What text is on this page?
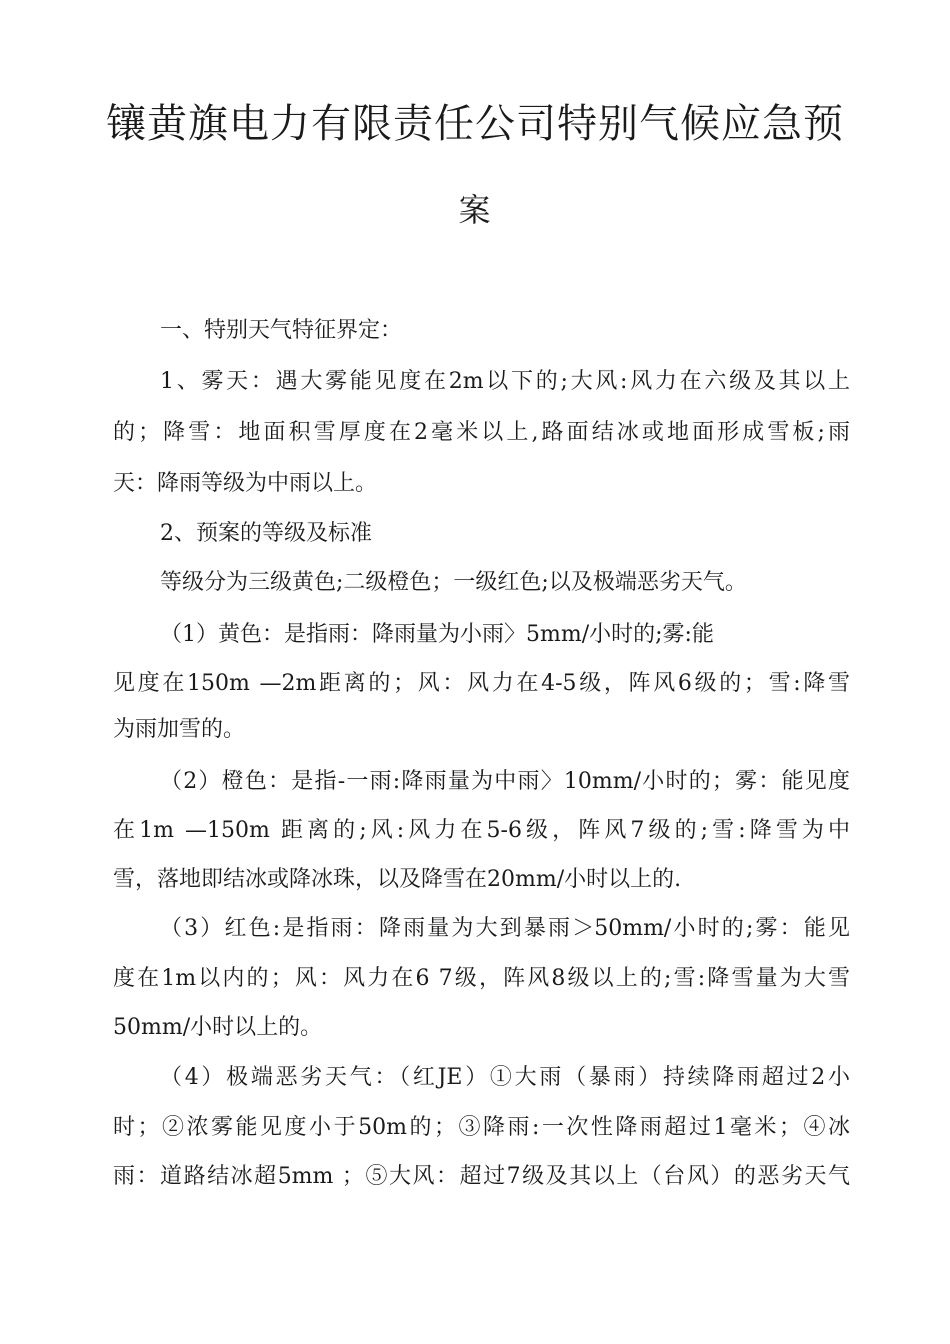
镶黄旗电力有限责任公司特别气候应急预
案
一、特别天气特征界定：
1、雾天：遇大雾能见度在2m以下的;大风:风力在六级及其以上
的；降雪：地面积雪厚度在2毫米以上,路面结冰或地面形成雪板;雨
天：降雨等级为中雨以上。
2、预案的等级及标准
等级分为三级黄色;二级橙色；一级红色;以及极端恶劣天气。
（1）黄色：是指雨：降雨量为小雨〉5mm/小时的;雾:能
见度在150m —2m距离的；风：风力在4-5级，阵风6级的；雪:降雪
为雨加雪的。
（2）橙色：是指-一雨:降雨量为中雨〉10mm/小时的；雾：能见度
在1m —150m 距离的;风:风力在5-6级，阵风7级的;雪:降雪为中
雪，落地即结冰或降冰珠，以及降雪在20mm/小时以上的.
（3）红色:是指雨：降雨量为大到暴雨＞50mm/小时的;雾：能见
度在1m以内的；风：风力在6 7级，阵风8级以上的;雪:降雪量为大雪
50mm/小时以上的。
（4）极端恶劣天气：（红JE）①大雨（暴雨）持续降雨超过2小
时；②浓雾能见度小于50m的；③降雨:一次性降雨超过1毫米；④冰
雨：道路结冰超5mm ；⑤大风：超过7级及其以上（台风）的恶劣天气
